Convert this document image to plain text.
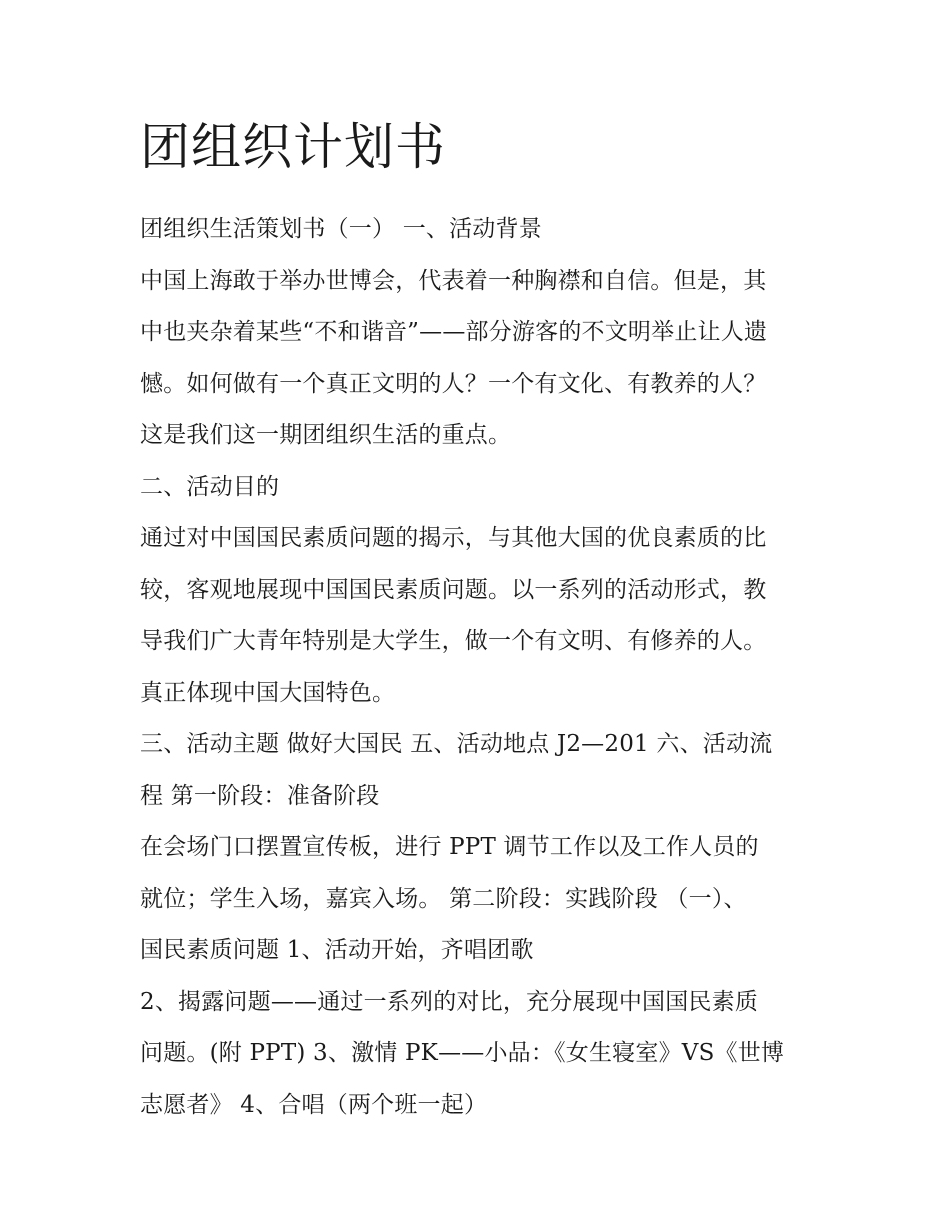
团组织计划书

团组织生活策划书（一） 一、活动背景

中国上海敢于举办世博会，代表着一种胸襟和自信。但是，其

中也夹杂着某些“不和谐音”——部分游客的不文明举止让人遗

憾。如何做有一个真正文明的人？一个有文化、有教养的人？

这是我们这一期团组织生活的重点。

二、活动目的

通过对中国国民素质问题的揭示，与其他大国的优良素质的比

较，客观地展现中国国民素质问题。以一系列的活动形式，教

导我们广大青年特别是大学生，做一个有文明、有修养的人。

真正体现中国大国特色。

三、活动主题 做好大国民 五、活动地点 J2—201 六、活动流

程 第一阶段：准备阶段

在会场门口摆置宣传板，进行 PPT 调节工作以及工作人员的

就位；学生入场，嘉宾入场。 第二阶段：实践阶段 （一）、

国民素质问题 1、活动开始，齐唱团歌

2、揭露问题——通过一系列的对比，充分展现中国国民素质

问题。(附 PPT) 3、激情 PK——小品：《女生寝室》VS《世博

志愿者》 4、合唱（两个班一起）
